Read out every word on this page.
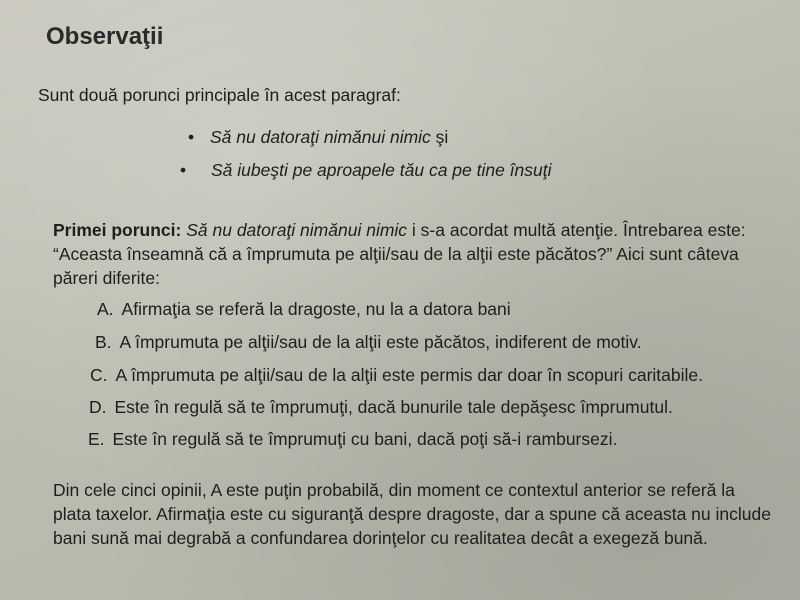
Observaţii
Sunt două porunci principale în acest paragraf:
• Să nu datoraţi nimănui nimic şi
• Să iubeşti pe aproapele tău ca pe tine însuţi

Primei porunci: Să nu datoraţi nimănui nimic i s-a acordat multă atenţie. Întrebarea este: “Aceasta înseamnă că a împrumuta pe alţii/sau de la alţii este păcătos?” Aici sunt câteva păreri diferite:

A. Afirmaţia se referă la dragoste, nu la a datora bani
B. A împrumuta pe alţii/sau de la alţii este păcătos, indiferent de motiv.
C. A împrumuta pe alţii/sau de la alţii este permis dar doar în scopuri caritabile.
D. Este în regulă să te împrumuţi, dacă bunurile tale depăşesc împrumutul.
E. Este în regulă să te împrumuţi cu bani, dacă poţi să-i rambursezi.

Din cele cinci opinii, A este puţin probabilă, din moment ce contextul anterior se referă la plata taxelor. Afirmaţia este cu siguranţă despre dragoste, dar a spune că aceasta nu include bani sună mai degrabă a confundarea dorinţelor cu realitatea decât a exegeză bună.
